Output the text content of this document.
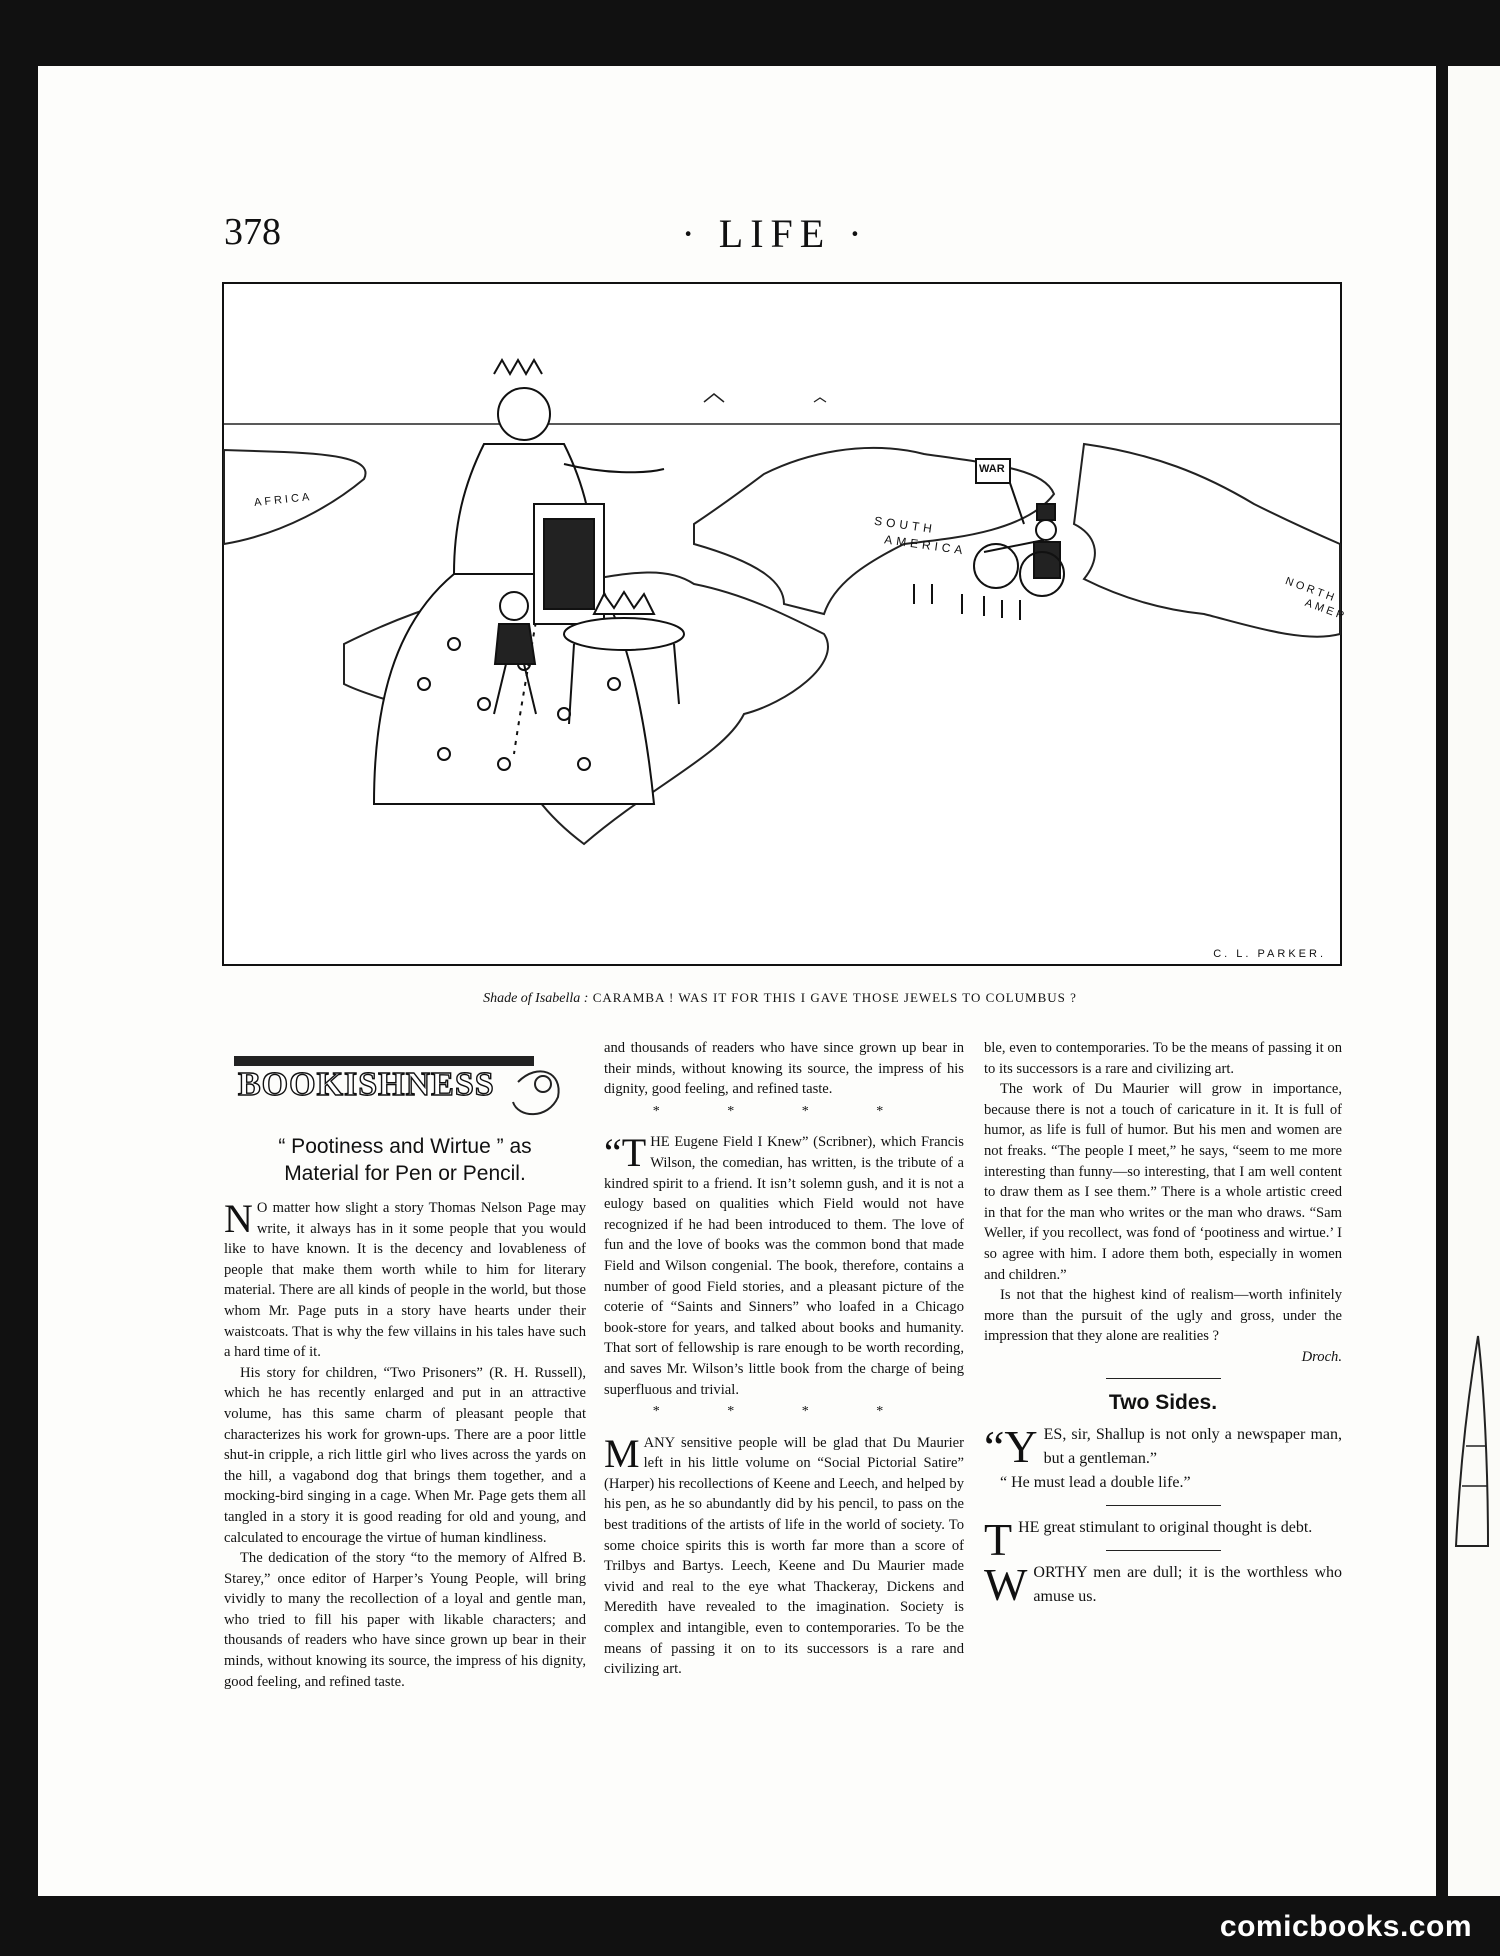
378	· LIFE ·
AFRICA
SOUTH
AMERICA
NORTH
AMER
WAR
C. L. PARKER.
Shade of Isabella : CARAMBA ! WAS IT FOR THIS I GAVE THOSE JEWELS TO COLUMBUS ?
BOOKISHNESS
“ Pootiness and Wirtue ” as
Material for Pen or Pencil.

N O matter how slight a story Thomas Nelson Page may write, it always has in it some people that you would like to have known. It is the decency and lovableness of people that make them worth while to him for literary material. There are all kinds of people in the world, but those whom Mr. Page puts in a story have hearts under their waistcoats. That is why the few villains in his tales have such a hard time of it.

His story for children, “Two Prisoners” (R. H. Russell), which he has recently enlarged and put in an attractive volume, has this same charm of pleasant people that characterizes his work for grown-ups. There are a poor little shut-in cripple, a rich little girl who lives across the yards on the hill, a vagabond dog that brings them together, and a mocking-bird singing in a cage. When Mr. Page gets them all tangled in a story it is good reading for old and young, and calculated to encourage the virtue of human kindliness.

The dedication of the story “to the memory of Alfred B. Starey,” once editor of Harper’s Young People, will bring vividly to many the recollection of a loyal and gentle man, who tried to fill his paper with likable characters; and thousands of readers who have since grown up bear in their minds, without knowing its source, the impress of his dignity, good feeling, and refined taste.

and thousands of readers who have since grown up bear in their minds, without knowing its source, the impress of his dignity, good feeling, and refined taste.

* * * *

“THE Eugene Field I Knew” (Scribner), which Francis Wilson, the comedian, has written, is the tribute of a kindred spirit to a friend. It isn’t solemn gush, and it is not a eulogy based on qualities which Field would not have recognized if he had been introduced to them. The love of fun and the love of books was the common bond that made Field and Wilson congenial. The book, therefore, contains a number of good Field stories, and a pleasant picture of the coterie of “Saints and Sinners” who loafed in a Chicago book-store for years, and talked about books and humanity. That sort of fellowship is rare enough to be worth recording, and saves Mr. Wilson’s little book from the charge of being superfluous and trivial.

* * * *

MANY sensitive people will be glad that Du Maurier left in his little volume on “Social Pictorial Satire” (Harper) his recollections of Keene and Leech, and helped by his pen, as he so abundantly did by his pencil, to pass on the best traditions of the artists of life in the world of society. To some choice spirits this is worth far more than a score of Trilbys and Bartys. Leech, Keene and Du Maurier made vivid and real to the eye what Thackeray, Dickens and Meredith have revealed to the imagination. Society is complex and intangible, even to contemporaries. To be the means of passing it on to its successors is a rare and civilizing art.

ble, even to contemporaries. To be the means of passing it on to its successors is a rare and civilizing art.

The work of Du Maurier will grow in importance, because there is not a touch of caricature in it. It is full of humor, as life is full of humor. But his men and women are not freaks. “The people I meet,” he says, “seem to me more interesting than funny—so interesting, that I am well content to draw them as I see them.” There is a whole artistic creed in that for the man who writes or the man who draws. “Sam Weller, if you recollect, was fond of ‘pootiness and wirtue.’ I so agree with him. I adore them both, especially in women and children.”

Is not that the highest kind of realism—worth infinitely more than the pursuit of the ugly and gross, under the impression that they alone are realities ?

Droch.
Two Sides.

“YES, sir, Shallup is not only a newspaper man, but a gentleman.”

“ He must lead a double life.”

THE great stimulant to original thought is debt.

WORTHY men are dull; it is the worthless who amuse us.

comicbooks.com
